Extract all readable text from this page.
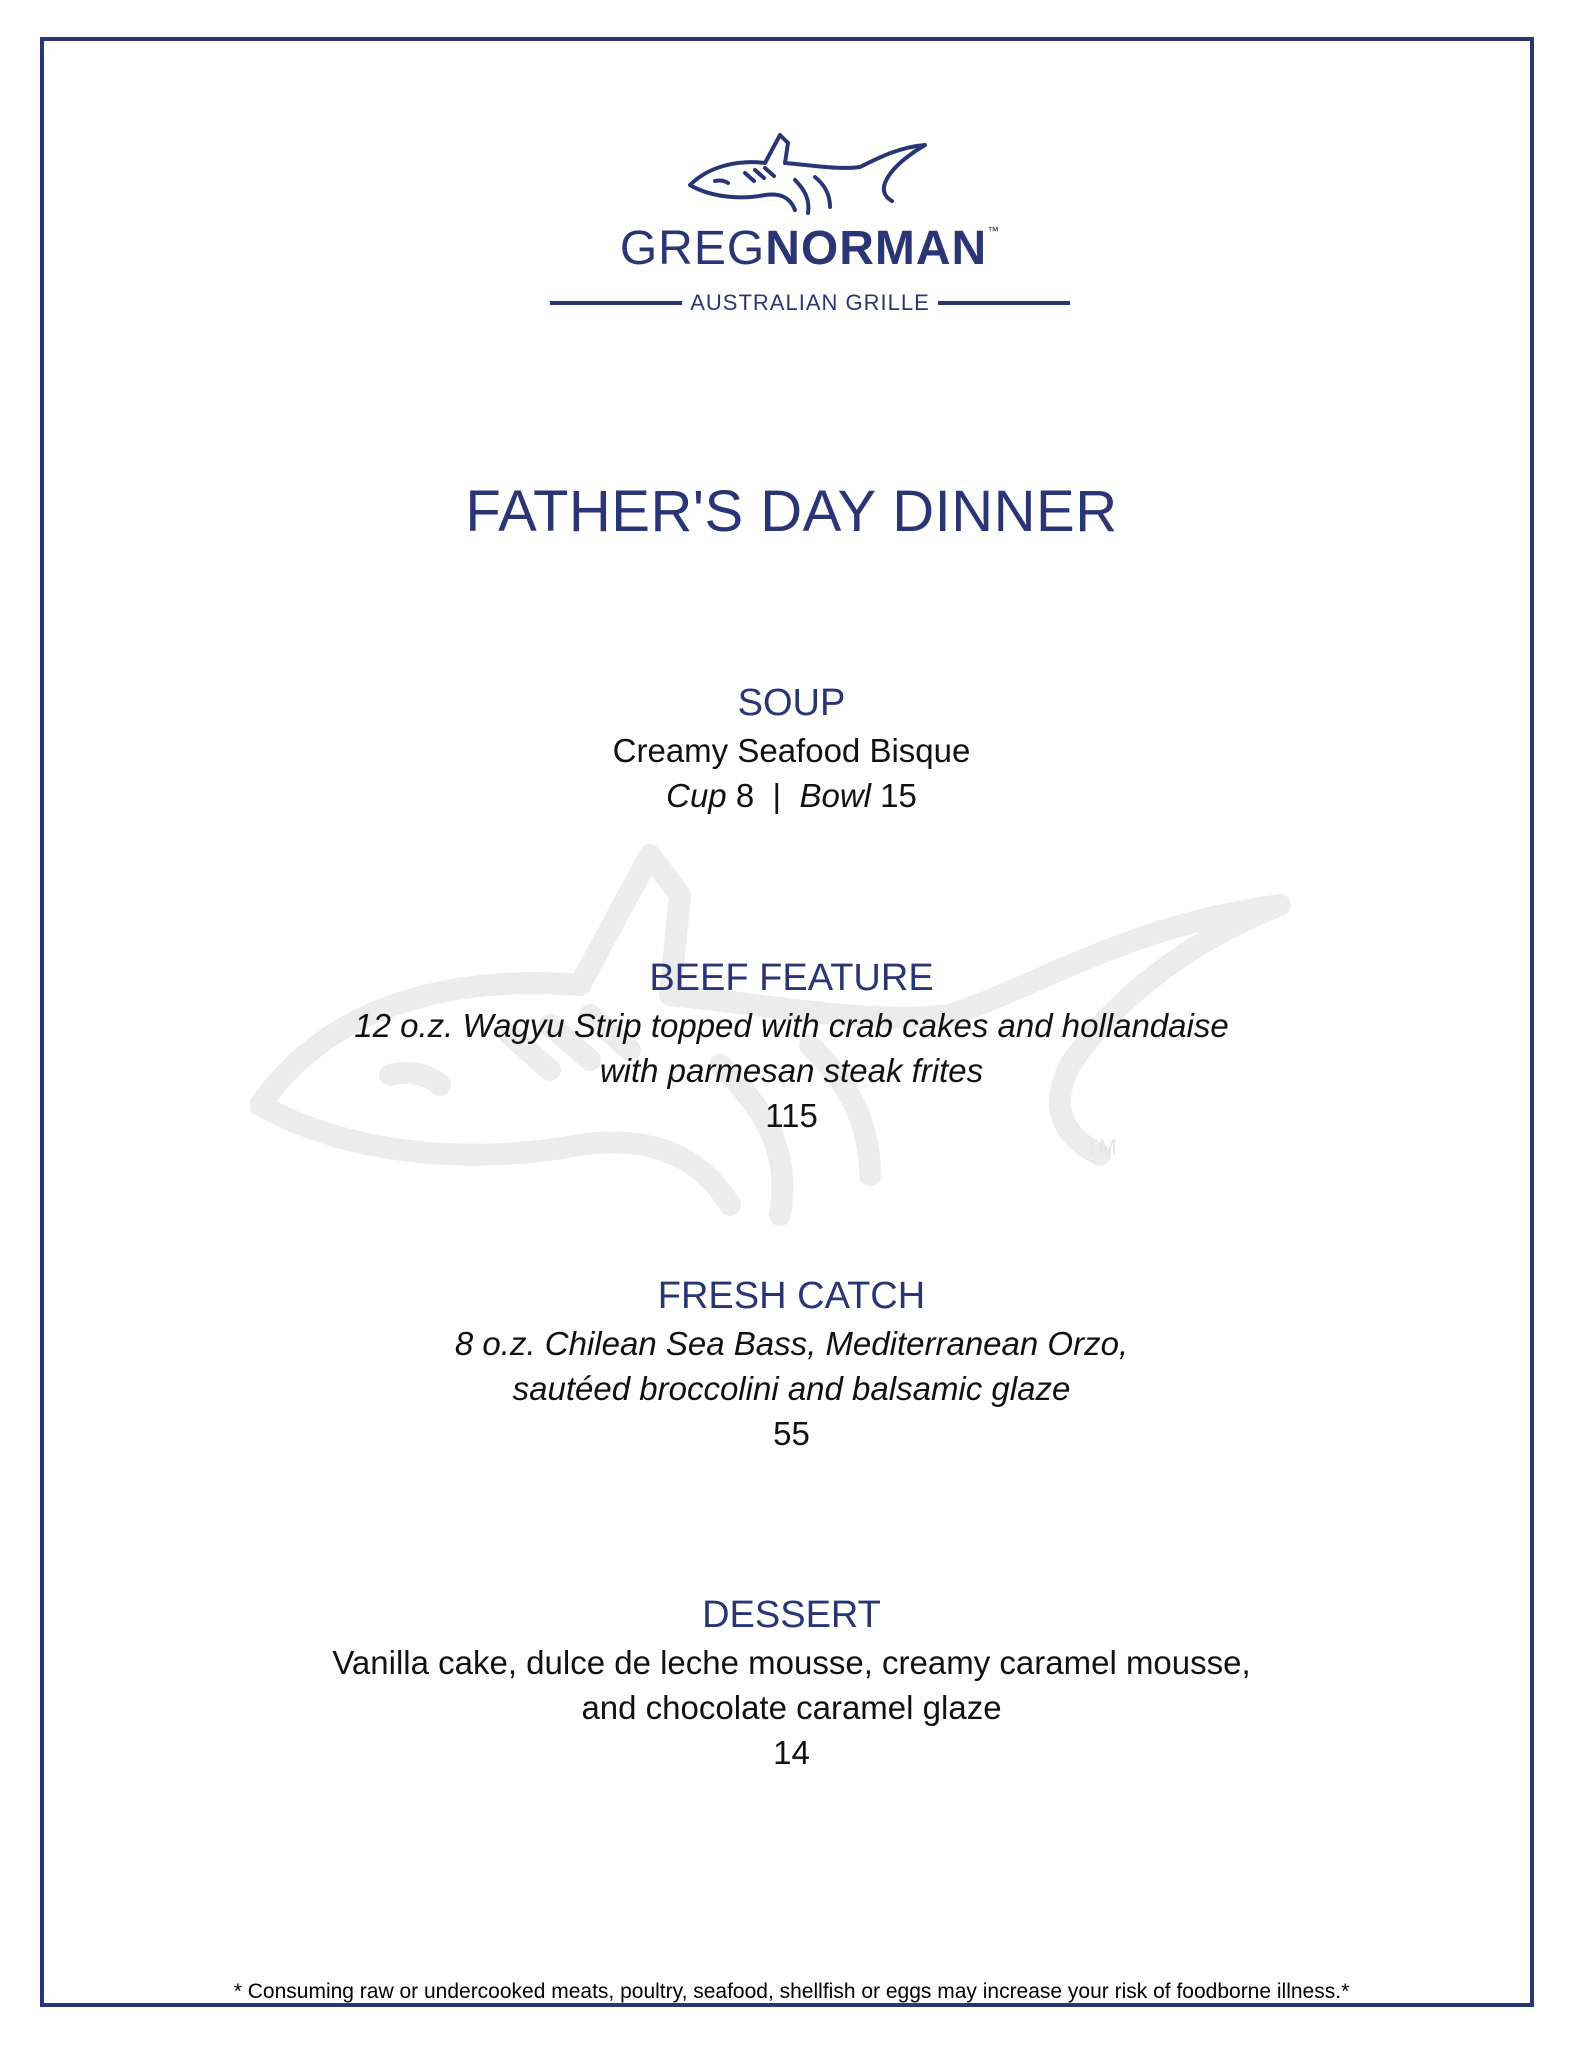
TM
GREGNORMAN™
AUSTRALIAN GRILLE
FATHER'S DAY DINNER
SOUP
Creamy Seafood Bisque
Cup 8 | Bowl 15
BEEF FEATURE
12 o.z. Wagyu Strip topped with crab cakes and hollandaise
with parmesan steak frites
115
FRESH CATCH
8 o.z. Chilean Sea Bass, Mediterranean Orzo,
sautéed broccolini and balsamic glaze
55
DESSERT
Vanilla cake, dulce de leche mousse, creamy caramel mousse,
and chocolate caramel glaze
14
* Consuming raw or undercooked meats, poultry, seafood, shellfish or eggs may increase your risk of foodborne illness.*
